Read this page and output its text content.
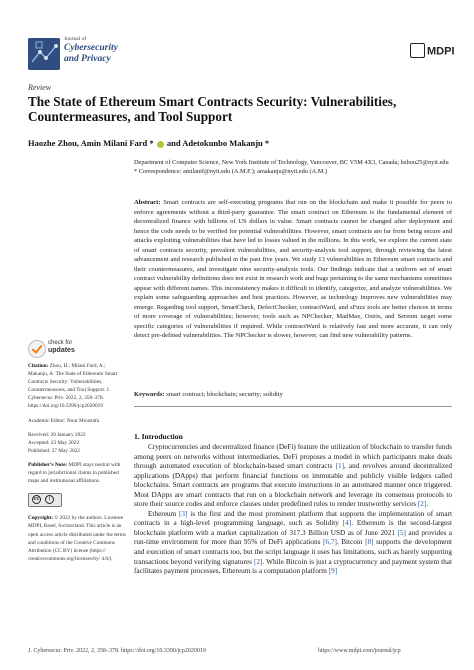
Journal of
Cybersecurity
and Privacy
MDPI
Review
The State of Ethereum Smart Contracts Security: Vulnerabilities, Countermeasures, and Tool Support
Haozhe Zhou, Amin Milani Fard *  and Adetokunbo Makanju *
Department of Computer Science, New York Institute of Technology, Vancouver, BC V5M 4X3, Canada; hzhou25@nyit.edu
* Correspondence: amilanif@nyit.edu (A.M.F.); amakanju@nyit.edu (A.M.)
Abstract: Smart contracts are self-executing programs that run on the blockchain and make it possible for peers to enforce agreements without a third-party guarantee. The smart contract on Ethereum is the fundamental element of decentralized finance with billions of US dollars in value. Smart contracts cannot be changed after deployment and hence the code needs to be verified for potential vulnerabilities. However, smart contracts are far from being secure and attacks exploiting vulnerabilities that have led to losses valued in the millions. In this work, we explore the current state of smart contracts security, prevalent vulnerabilities, and security-analysis tool support, through reviewing the latest advancement and research published in the past five years. We study 13 vulnerabilities in Ethereum smart contracts and their countermeasures, and investigate nine security-analysis tools. Our findings indicate that a uniform set of smart contract vulnerability definitions does not exist in research work and bugs pertaining to the same mechanisms sometimes appear with different names. This inconsistency makes it difficult to identify, categorize, and analyze vulnerabilities. We explain some safeguarding approaches and best practices. However, as technology improves new vulnerabilities may emerge. Regarding tool support, SmartCheck, DefectChecker, contractWard, and sFuzz tools are better choices in terms of more coverage of vulnerabilities; however, tools such as NPChecker, MadMax, Osiris, and Sereum target some specific categories of vulnerabilities if required. While contractWard is relatively fast and more accurate, it can only detect pre-defined vulnerabilities. The NPChecker is slower, however, can find new vulnerability patterns.
Keywords: smart contract; blockchain; security; solidity
1. Introduction

Cryptocurrencies and decentralized finance (DeFi) feature the utilization of blockchain to transfer funds among peers on networks without intermediaries. DeFi proposes a model in which participants make deals through automated execution of blockchain-based smart contracts [1], and revolves around decentralized applications (DApps) that perform financial functions on immutable and publicly visible ledgers called blockchains. Smart contracts are programs that execute instructions in an automated manner once triggered. Most DApps are smart contracts that run on a blockchain network and leverage its consensus protocols to store their source codes and enforce clauses under predefined rules to render trustworthy services [2].

Ethereum [3] is the first and the most prominent platform that supports the implementation of smart contracts in a high-level programming language, such as Solidity [4]. Ethereum is the second-largest blockchain platform with a market capitalization of 317.3 Billion USD as of June 2021 [5] and provides a run-time environment for more than 95% of DeFi applications [6,7]. Bitcoin [8] supports the development and execution of smart contracts too, but the script language it uses has limitations, such as barely supporting transactions beyond verifying signatures [2]. While Bitcoin is just a cryptocurrency and payment system that facilitates payment processes, Ethereum is a computation platform [9]

check for
updates

Citation: Zhou, H.; Milani Fard, A.; Makanju, A. The State of Ethereum Smart Contracts Security: Vulnerabilities, Countermeasures, and Tool Support. J. Cybersecur. Priv. 2022, 2, 358–378. https://doi.org/10.3390/jcp2020019

Academic Editor: Nour Moustafa

Received: 20 January 2022
Accepted: 23 May 2022
Published: 27 May 2022

Publisher’s Note: MDPI stays neutral with regard to jurisdictional claims in published maps and institutional affiliations.

cc	i

Copyright: © 2022 by the authors. Licensee MDPI, Basel, Switzerland. This article is an open access article distributed under the terms and conditions of the Creative Commons Attribution (CC BY) license (https:// creativecommons.org/licenses/by/ 4.0/).

J. Cybersecur. Priv. 2022, 2, 358–378. https://doi.org/10.3390/jcp2020019	https://www.mdpi.com/journal/jcp
